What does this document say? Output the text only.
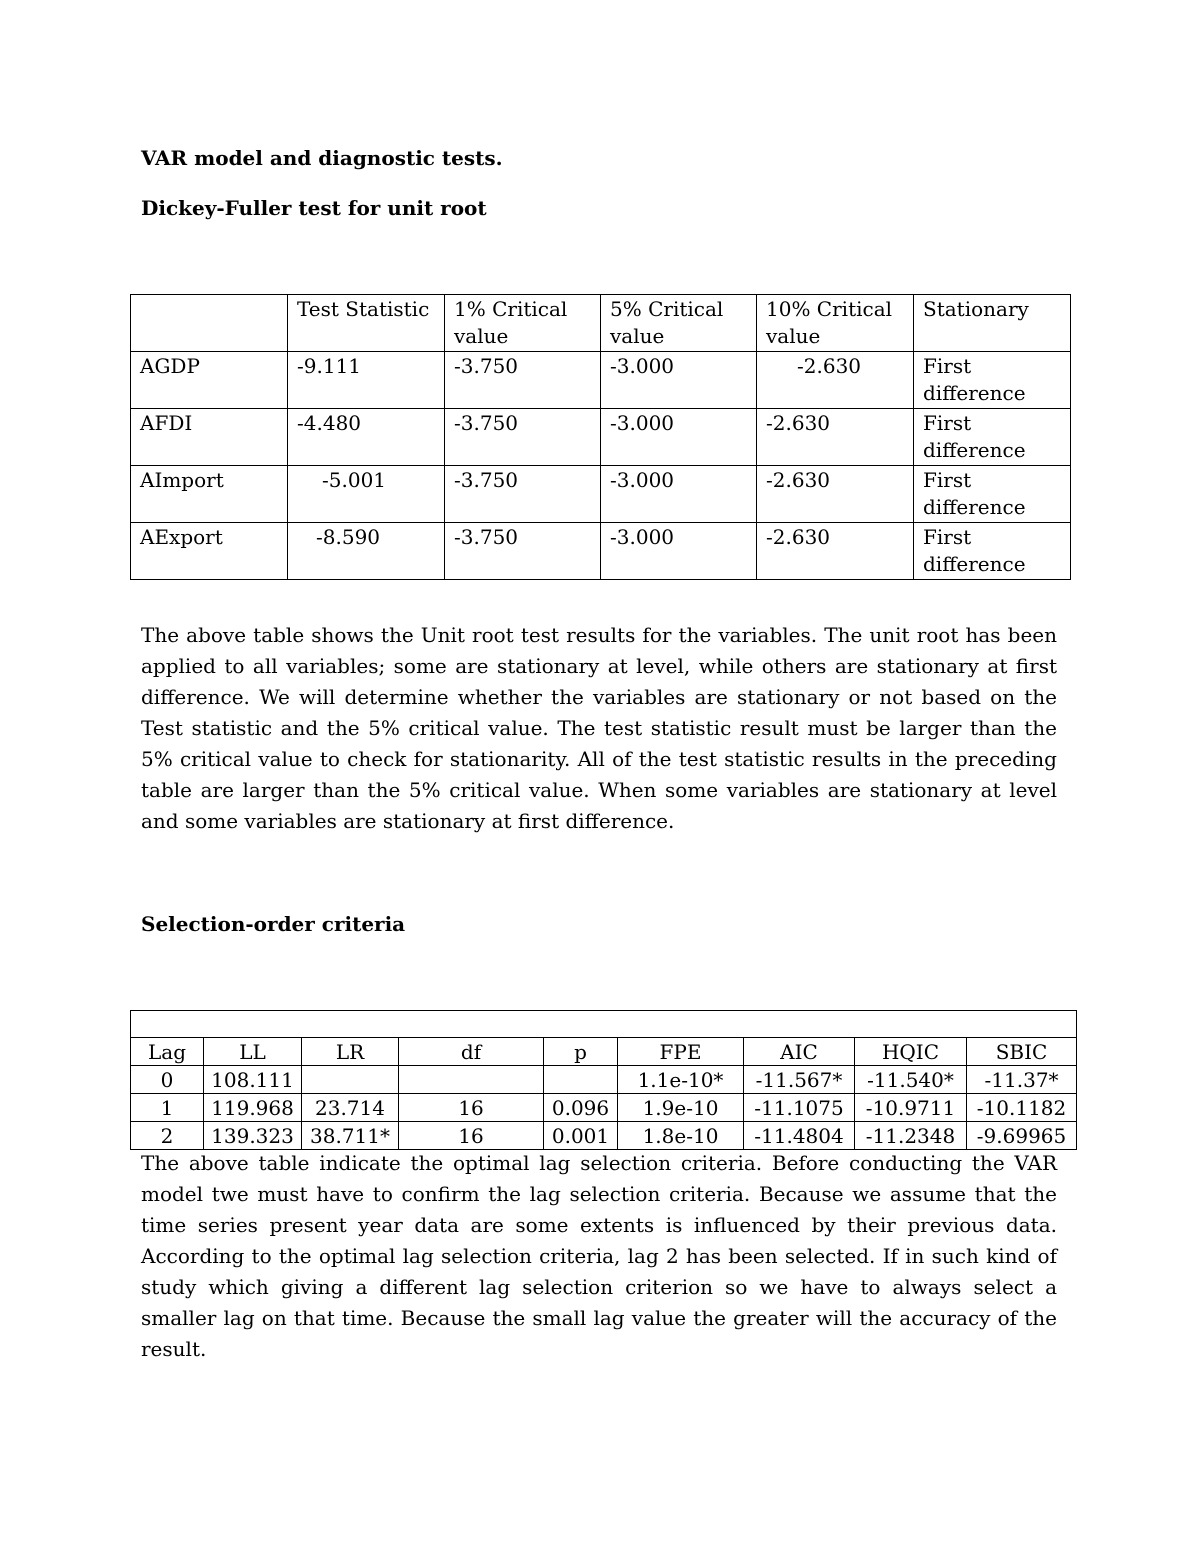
VAR model and diagnostic tests.
Dickey-Fuller test for unit root
	Test Statistic	1% Critical value	5% Critical value	10% Critical value	Stationary
AGDP	-9.111	-3.750	-3.000	-2.630	First difference
AFDI	-4.480	-3.750	-3.000	-2.630	First difference
AImport	-5.001	-3.750	-3.000	-2.630	First difference
AExport	-8.590	-3.750	-3.000	-2.630	First difference

The above table shows the Unit root test results for the variables. The unit root has been applied to all variables; some are stationary at level, while others are stationary at first difference. We will determine whether the variables are stationary or not based on the Test statistic and the 5% critical value. The test statistic result must be larger than the 5% critical value to check for stationarity. All of the test statistic results in the preceding table are larger than the 5% critical value. When some variables are stationary at level and some variables are stationary at first difference.

Selection-order criteria

Lag	LL	LR	df	p	FPE	AIC	HQIC	SBIC
0	108.111				1.1e-10*	-11.567*	-11.540*	-11.37*
1	119.968	23.714	16	0.096	1.9e-10	-11.1075	-10.9711	-10.1182
2	139.323	38.711*	16	0.001	1.8e-10	-11.4804	-11.2348	-9.69965

The above table indicate the optimal lag selection criteria. Before conducting the VAR model twe must have to confirm the lag selection criteria. Because we assume that the time series present year data are some extents is influenced by their previous data. According to the optimal lag selection criteria, lag 2 has been selected. If in such kind of study which giving a different lag selection criterion so we have to always select a smaller lag on that time. Because the small lag value the greater will the accuracy of the result.
